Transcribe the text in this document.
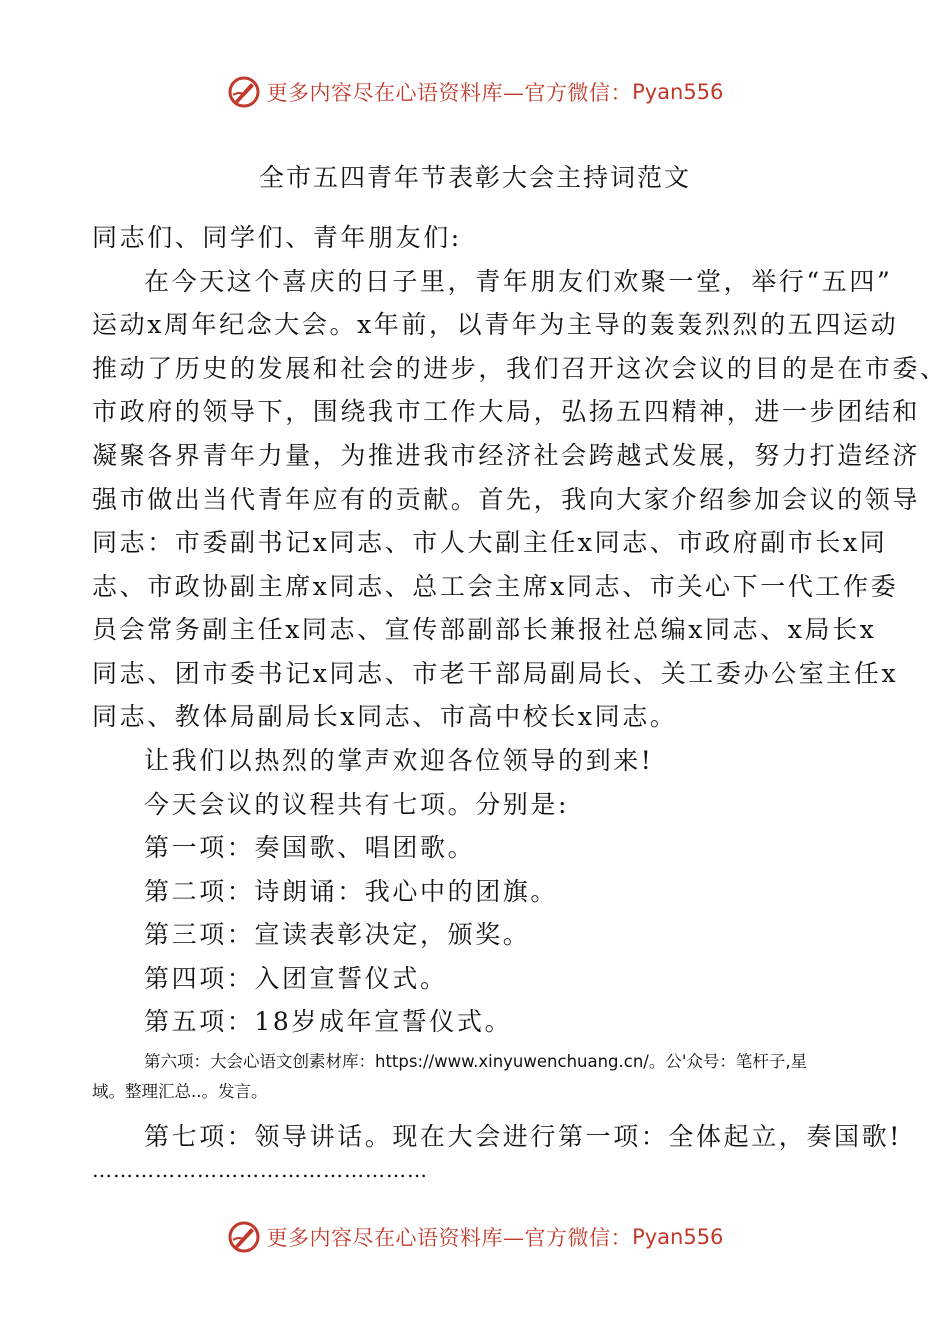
更多内容尽在心语资料库—官方微信： Pyan556
全市五四青年节表彰大会主持词范文
同志们、同学们、青年朋友们:
在今天这个喜庆的日子里，青年朋友们欢聚一堂，举行“五四”
运动x周年纪念大会。x年前，以青年为主导的轰轰烈烈的五四运动
推动了历史的发展和社会的进步，我们召开这次会议的目的是在市委、
市政府的领导下，围绕我市工作大局，弘扬五四精神，进一步团结和
凝聚各界青年力量，为推进我市经济社会跨越式发展，努力打造经济
强市做出当代青年应有的贡献。首先，我向大家介绍参加会议的领导
同志：市委副书记x同志、市人大副主任x同志、市政府副市长x同
志、市政协副主席x同志、总工会主席x同志、市关心下一代工作委
员会常务副主任x同志、宣传部副部长兼报社总编x同志、x局长x
同志、团市委书记x同志、市老干部局副局长、关工委办公室主任x
同志、教体局副局长x同志、市高中校长x同志。
让我们以热烈的掌声欢迎各位领导的到来!
今天会议的议程共有七项。分别是:
第一项：奏国歌、唱团歌。
第二项：诗朗诵：我心中的团旗。
第三项：宣读表彰决定，颁奖。
第四项：入团宣誓仪式。
第五项：18岁成年宣誓仪式。
第六项：大会心语文创素材库：https://www.xinyuwenchuang.cn/。公'众号：笔杆子,星
域。整理汇总..。发言。
第七项：领导讲话。现在大会进行第一项：全体起立，奏国歌!
…………………………………………
更多内容尽在心语资料库—官方微信： Pyan556
